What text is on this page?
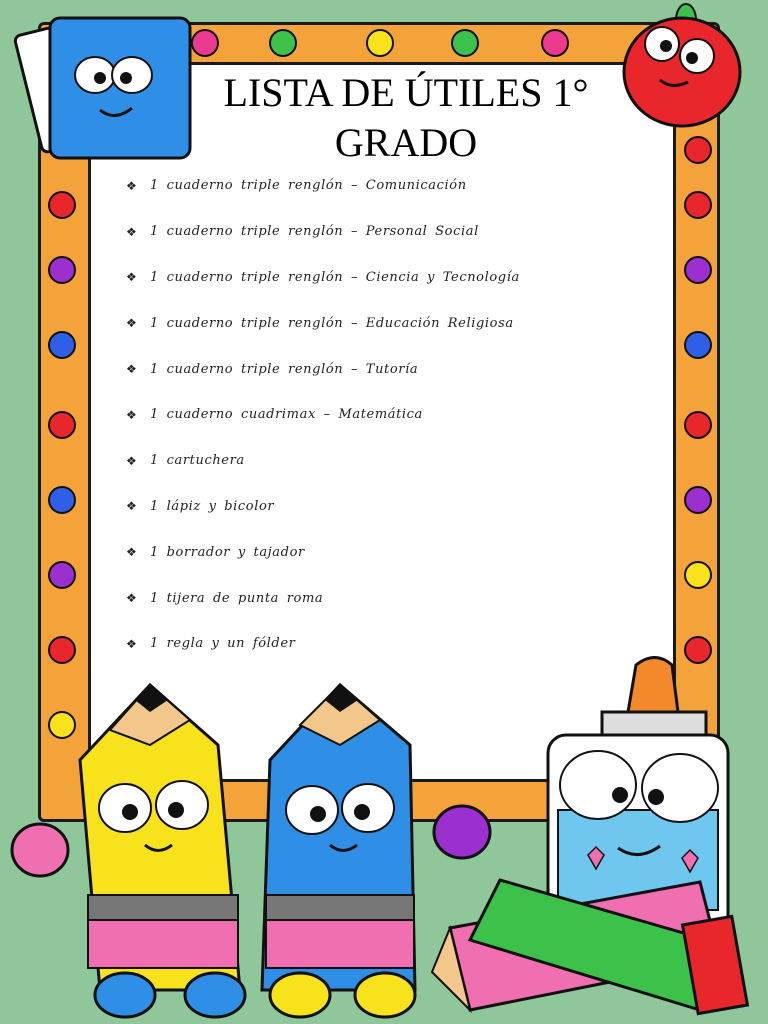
LISTA DE ÚTILES 1° GRADO
❖ 1 cuaderno triple renglón – Comunicación
❖ 1 cuaderno triple renglón – Personal Social
❖ 1 cuaderno triple renglón – Ciencia y Tecnología
❖ 1 cuaderno triple renglón – Educación Religiosa
❖ 1 cuaderno triple renglón – Tutoría
❖ 1 cuaderno cuadrimax – Matemática
❖ 1 cartuchera
❖ 1 lápiz y bicolor
❖ 1 borrador y tajador
❖ 1 tijera de punta roma
❖ 1 regla y un fólder
